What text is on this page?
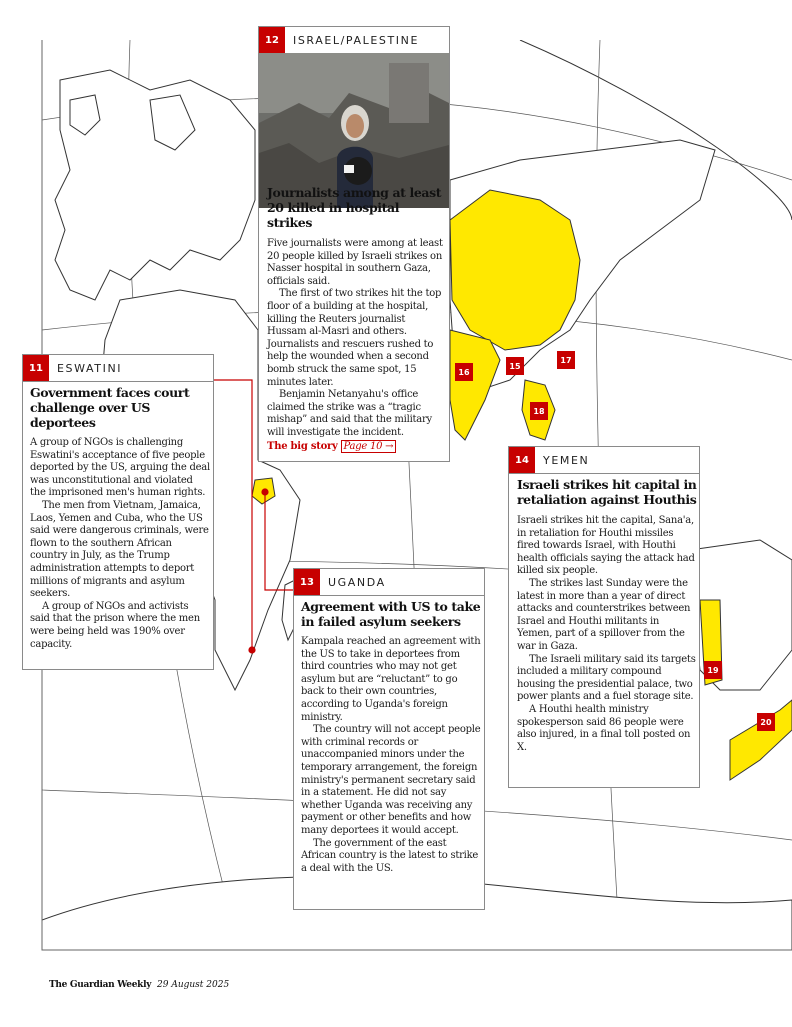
15
16
17
18
19
20
12	ISRAEL/PALESTINE
Journalists among at least 20 killed in hospital strikes

Five journalists were among at least 20 people killed by Israeli strikes on Nasser hospital in southern Gaza, officials said.

The first of two strikes hit the top floor of a building at the hospital, killing the Reuters journalist Hussam al-Masri and others. Journalists and rescuers rushed to help the wounded when a second bomb struck the same spot, 15 minutes later.

Benjamin Netanyahu's office claimed the strike was a “tragic mishap” and said that the military will investigate the incident.

The big story Page 10 →
11	ESWATINI
Government faces court challenge over US deportees

A group of NGOs is challenging Eswatini's acceptance of five people deported by the US, arguing the deal was unconstitutional and violated the imprisoned men's human rights.

The men from Vietnam, Jamaica, Laos, Yemen and Cuba, who the US said were dangerous criminals, were flown to the southern African country in July, as the Trump administration attempts to deport millions of migrants and asylum seekers.

A group of NGOs and activists said that the prison where the men were being held was 190% over capacity.

14	YEMEN
Israeli strikes hit capital in retaliation against Houthis

Israeli strikes hit the capital, Sana'a, in retaliation for Houthi missiles fired towards Israel, with Houthi health officials saying the attack had killed six people.

The strikes last Sunday were the latest in more than a year of direct attacks and counterstrikes between Israel and Houthi militants in Yemen, part of a spillover from the war in Gaza.

The Israeli military said its targets included a military compound housing the presidential palace, two power plants and a fuel storage site.

A Houthi health ministry spokesperson said 86 people were also injured, in a final toll posted on X.

13	UGANDA
Agreement with US to take in failed asylum seekers

Kampala reached an agreement with the US to take in deportees from third countries who may not get asylum but are “reluctant” to go back to their own countries, according to Uganda's foreign ministry.

The country will not accept people with criminal records or unaccompanied minors under the temporary arrangement, the foreign ministry's permanent secretary said in a statement. He did not say whether Uganda was receiving any payment or other benefits and how many deportees it would accept.

The government of the east African country is the latest to strike a deal with the US.

The Guardian Weekly 29 August 2025
